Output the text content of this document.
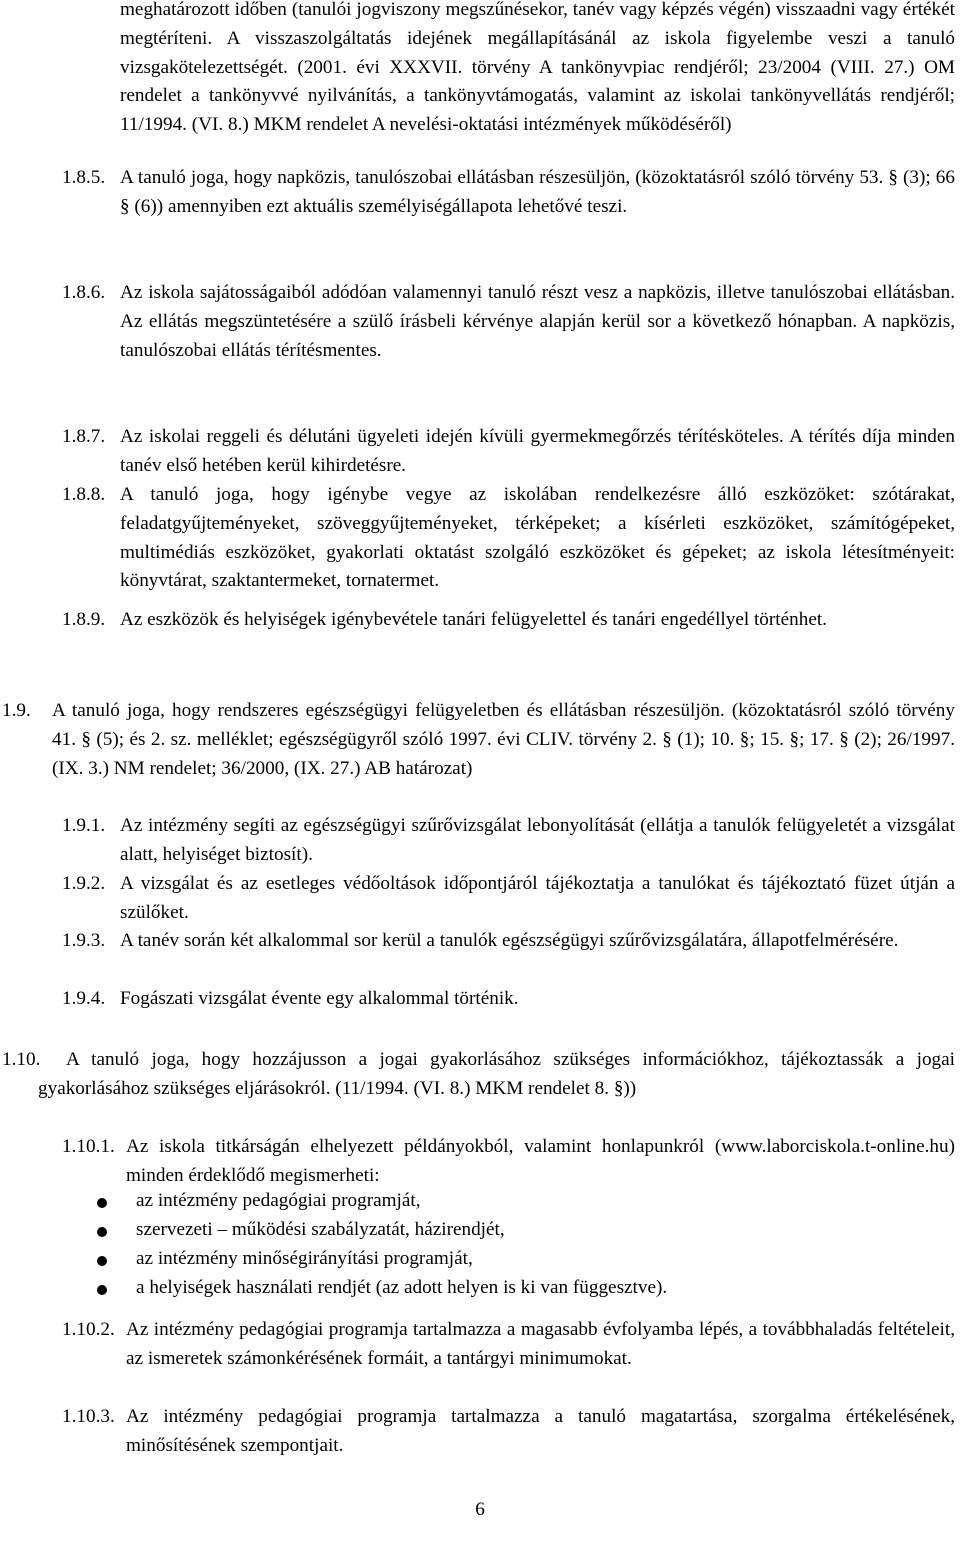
meghatározott időben (tanulói jogviszony megszűnésekor, tanév vagy képzés végén) visszaadni vagy értékét megtéríteni. A visszaszolgáltatás idejének megállapításánál az iskola figyelembe veszi a tanuló vizsgakötelezettségét. (2001. évi XXXVII. törvény A tankönyvpiac rendjéről; 23/2004 (VIII. 27.) OM rendelet a tankönyvvé nyilvánítás, a tankönyvtámogatás, valamint az iskolai tankönyvellátás rendjéről; 11/1994. (VI. 8.) MKM rendelet A nevelési-oktatási intézmények működéséről)
1.8.5. A tanuló joga, hogy napközis, tanulószobai ellátásban részesüljön, (közoktatásról szóló törvény 53. § (3); 66 § (6)) amennyiben ezt aktuális személyiségállapota lehetővé teszi.
1.8.6. Az iskola sajátosságaiból adódóan valamennyi tanuló részt vesz a napközis, illetve tanulószobai ellátásban. Az ellátás megszüntetésére a szülő írásbeli kérvénye alapján kerül sor a következő hónapban. A napközis, tanulószobai ellátás térítésmentes.
1.8.7. Az iskolai reggeli és délutáni ügyeleti idején kívüli gyermekmegőrzés térítésköteles. A térítés díja minden tanév első hetében kerül kihirdetésre.
1.8.8. A tanuló joga, hogy igénybe vegye az iskolában rendelkezésre álló eszközöket: szótárakat, feladatgyűjteményeket, szöveggyűjteményeket, térképeket; a kísérleti eszközöket, számítógépeket, multimédiás eszközöket, gyakorlati oktatást szolgáló eszközöket és gépeket; az iskola létesítményeit: könyvtárat, szaktantermeket, tornatermet.
1.8.9. Az eszközök és helyiségek igénybevétele tanári felügyelettel és tanári engedéllyel történhet.
1.9.	A tanuló joga, hogy rendszeres egészségügyi felügyeletben és ellátásban részesüljön. (közoktatásról szóló törvény 41. § (5); és 2. sz. melléklet; egészségügyről szóló 1997. évi CLIV. törvény 2. § (1); 10. §; 15. §; 17. § (2); 26/1997. (IX. 3.) NM rendelet; 36/2000, (IX. 27.) AB határozat)
1.9.1. Az intézmény segíti az egészségügyi szűrővizsgálat lebonyolítását (ellátja a tanulók felügyeletét a vizsgálat alatt, helyiséget biztosít).
1.9.2. A vizsgálat és az esetleges védőoltások időpontjáról tájékoztatja a tanulókat és tájékoztató füzet útján a szülőket.
1.9.3. A tanév során két alkalommal sor kerül a tanulók egészségügyi szűrővizsgálatára, állapotfelmérésére.
1.9.4. Fogászati vizsgálat évente egy alkalommal történik.
1.10. A tanuló joga, hogy hozzájusson a jogai gyakorlásához szükséges információkhoz, tájékoztassák a jogai gyakorlásához szükséges eljárásokról. (11/1994. (VI. 8.) MKM rendelet 8. §))
1.10.1. Az iskola titkárságán elhelyezett példányokból, valamint honlapunkról (www.laborciskola.t-online.hu) minden érdeklődő megismerheti:
az intézmény pedagógiai programját,
szervezeti – működési szabályzatát, házirendjét,
az intézmény minőségirányítási programját,
a helyiségek használati rendjét (az adott helyen is ki van függesztve).
1.10.2. Az intézmény pedagógiai programja tartalmazza a magasabb évfolyamba lépés, a továbbhaladás feltételeit, az ismeretek számonkérésének formáit, a tantárgyi minimumokat.
1.10.3. Az intézmény pedagógiai programja tartalmazza a tanuló magatartása, szorgalma értékelésének, minősítésének szempontjait.
6
